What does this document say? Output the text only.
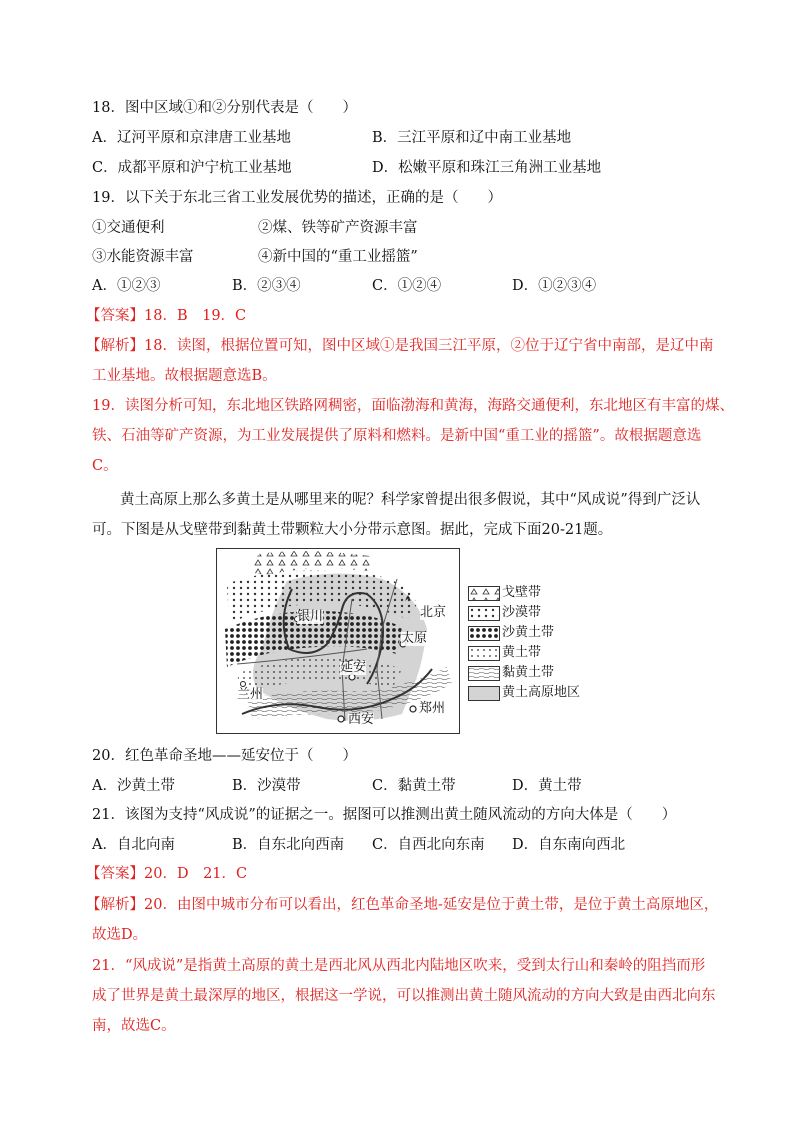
18．图中区域①和②分别代表是（　　）
A．辽河平原和京津唐工业基地	B．三江平原和辽中南工业基地
C．成都平原和沪宁杭工业基地	D．松嫩平原和珠江三角洲工业基地
19．以下关于东北三省工业发展优势的描述，正确的是（　　）
①交通便利	②煤、铁等矿产资源丰富
③水能资源丰富	④新中国的“重工业摇篮”
A．①②③	B．②③④	C．①②④	D．①②③④
【答案】18．B　19．C
【解析】18．读图，根据位置可知，图中区域①是我国三江平原，②位于辽宁省中南部，是辽中南
工业基地。故根据题意选B。
19．读图分析可知，东北地区铁路网稠密，面临渤海和黄海，海路交通便利，东北地区有丰富的煤、
铁、石油等矿产资源，为工业发展提供了原料和燃料。是新中国“重工业的摇篮”。故根据题意选
C。
黄土高原上那么多黄土是从哪里来的呢？科学家曾提出很多假说，其中“风成说”得到广泛认
可。下图是从戈壁带到黏黄土带颗粒大小分带示意图。据此，完成下面20-21题。
北京
银川
太原
延安
兰州
西安
郑州
戈壁带
沙漠带
沙黄土带
黄土带
黏黄土带
黄土高原地区
20．红色革命圣地——延安位于（　　）
A．沙黄土带	B．沙漠带	C．黏黄土带	D．黄土带
21．该图为支持“风成说”的证据之一。据图可以推测出黄土随风流动的方向大体是（　　）
A．自北向南	B．自东北向西南 C．自西北向东南 D．自东南向西北
【答案】20．D　21．C
【解析】20．由图中城市分布可以看出，红色革命圣地-延安是位于黄土带，是位于黄土高原地区，
故选D。
21．“风成说”是指黄土高原的黄土是西北风从西北内陆地区吹来，受到太行山和秦岭的阻挡而形
成了世界是黄土最深厚的地区，根据这一学说，可以推测出黄土随风流动的方向大致是由西北向东
南，故选C。
